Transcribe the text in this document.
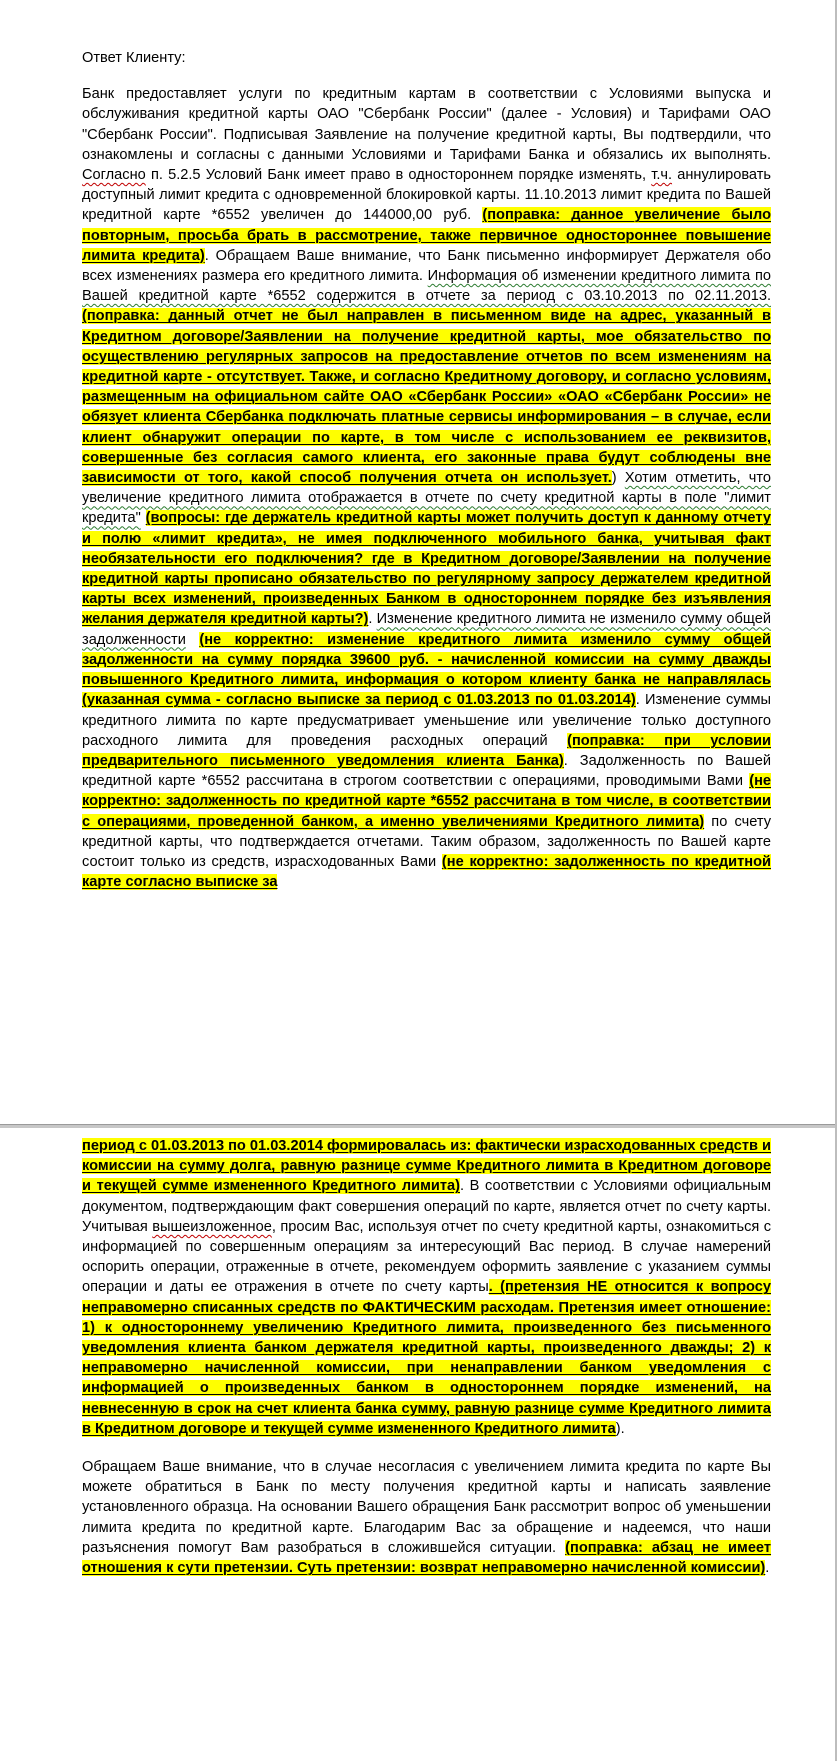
Ответ Клиенту:

Банк предоставляет услуги по кредитным картам в соответствии с Условиями выпуска и обслуживания кредитной карты ОАО "Сбербанк России" (далее - Условия) и Тарифами ОАО "Сбербанк России". Подписывая Заявление на получение кредитной карты, Вы подтвердили, что ознакомлены и согласны с данными Условиями и Тарифами Банка и обязались их выполнять. Согласно п. 5.2.5 Условий Банк имеет право в одностороннем порядке изменять, т.ч. аннулировать доступный лимит кредита с одновременной блокировкой карты. 11.10.2013 лимит кредита по Вашей кредитной карте *6552 увеличен до 144000,00 руб. (поправка: данное увеличение было повторным, просьба брать в рассмотрение, также первичное одностороннее повышение лимита кредита). Обращаем Ваше внимание, что Банк письменно информирует Держателя обо всех изменениях размера его кредитного лимита. Информация об изменении кредитного лимита по Вашей кредитной карте *6552 содержится в отчете за период с 03.10.2013 по 02.11.2013. (поправка: данный отчет не был направлен в письменном виде на адрес, указанный в Кредитном договоре/Заявлении на получение кредитной карты, мое обязательство по осуществлению регулярных запросов на предоставление отчетов по всем изменениям на кредитной карте - отсутствует. Также, и согласно Кредитному договору, и согласно условиям, размещенным на официальном сайте ОАО «Сбербанк России» «ОАО «Сбербанк России» не обязует клиента Сбербанка подключать платные сервисы информирования – в случае, если клиент обнаружит операции по карте, в том числе с использованием ее реквизитов, совершенные без согласия самого клиента, его законные права будут соблюдены вне зависимости от того, какой способ получения отчета он использует.) Хотим отметить, что увеличение кредитного лимита отображается в отчете по счету кредитной карты в поле "лимит кредита" (вопросы: где держатель кредитной карты может получить доступ к данному отчету и полю «лимит кредита», не имея подключенного мобильного банка, учитывая факт необязательности его подключения? где в Кредитном договоре/Заявлении на получение кредитной карты прописано обязательство по регулярному запросу держателем кредитной карты всех изменений, произведенных Банком в одностороннем порядке без изъявления желания держателя кредитной карты?). Изменение кредитного лимита не изменило сумму общей задолженности (не корректно: изменение кредитного лимита изменило сумму общей задолженности на сумму порядка 39600 руб. - начисленной комиссии на сумму дважды повышенного Кредитного лимита, информация о котором клиенту банка не направлялась (указанная сумма - согласно выписке за период с 01.03.2013 по 01.03.2014). Изменение суммы кредитного лимита по карте предусматривает уменьшение или увеличение только доступного расходного лимита для проведения расходных операций (поправка: при условии предварительного письменного уведомления клиента Банка). Задолженность по Вашей кредитной карте *6552 рассчитана в строгом соответствии с операциями, проводимыми Вами (не корректно: задолженность по кредитной карте *6552 рассчитана в том числе, в соответствии с операциями, проведенной банком, а именно увеличениями Кредитного лимита) по счету кредитной карты, что подтверждается отчетами. Таким образом, задолженность по Вашей карте состоит только из средств, израсходованных Вами (не корректно: задолженность по кредитной карте согласно выписке за

период с 01.03.2013 по 01.03.2014 формировалась из: фактически израсходованных средств и комиссии на сумму долга, равную разнице сумме Кредитного лимита в Кредитном договоре и текущей сумме измененного Кредитного лимита). В соответствии с Условиями официальным документом, подтверждающим факт совершения операций по карте, является отчет по счету карты. Учитывая вышеизложенное, просим Вас, используя отчет по счету кредитной карты, ознакомиться с информацией по совершенным операциям за интересующий Вас период. В случае намерений оспорить операции, отраженные в отчете, рекомендуем оформить заявление с указанием суммы операции и даты ее отражения в отчете по счету карты. (претензия НЕ относится к вопросу неправомерно списанных средств по ФАКТИЧЕСКИМ расходам. Претензия имеет отношение: 1) к одностороннему увеличению Кредитного лимита, произведенного без письменного уведомления клиента банком держателя кредитной карты, произведенного дважды; 2) к неправомерно начисленной комиссии, при ненаправлении банком уведомления с информацией о произведенных банком в одностороннем порядке изменений, на невнесенную в срок на счет клиента банка сумму, равную разнице сумме Кредитного лимита в Кредитном договоре и текущей сумме измененного Кредитного лимита).

Обращаем Ваше внимание, что в случае несогласия с увеличением лимита кредита по карте Вы можете обратиться в Банк по месту получения кредитной карты и написать заявление установленного образца. На основании Вашего обращения Банк рассмотрит вопрос об уменьшении лимита кредита по кредитной карте. Благодарим Вас за обращение и надеемся, что наши разъяснения помогут Вам разобраться в сложившейся ситуации. (поправка: абзац не имеет отношения к сути претензии. Суть претензии: возврат неправомерно начисленной комиссии).
